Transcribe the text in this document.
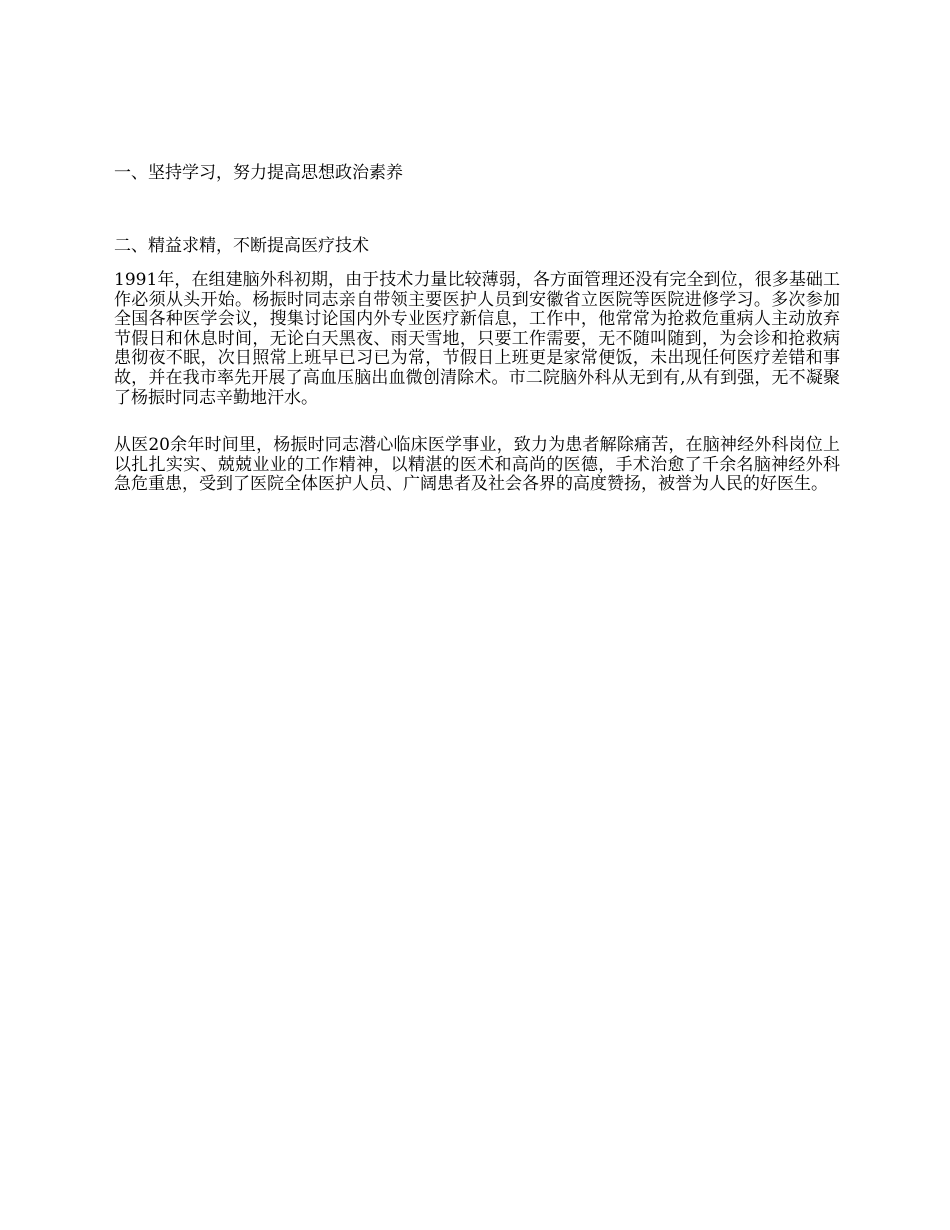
一、坚持学习，努力提高思想政治素养

二、精益求精，不断提高医疗技术

1991年，在组建脑外科初期，由于技术力量比较薄弱，各方面管理还没有完全到位，很多基础工作必须从头开始。杨振时同志亲自带领主要医护人员到安徽省立医院等医院进修学习。多次参加全国各种医学会议，搜集讨论国内外专业医疗新信息，工作中，他常常为抢救危重病人主动放弃节假日和休息时间，无论白天黑夜、雨天雪地，只要工作需要，无不随叫随到，为会诊和抢救病患彻夜不眠，次日照常上班早已习已为常，节假日上班更是家常便饭，未出现任何医疗差错和事故，并在我市率先开展了高血压脑出血微创清除术。市二院脑外科从无到有,从有到强，无不凝聚了杨振时同志辛勤地汗水。

从医20余年时间里，杨振时同志潜心临床医学事业，致力为患者解除痛苦，在脑神经外科岗位上以扎扎实实、兢兢业业的工作精神，以精湛的医术和高尚的医德，手术治愈了千余名脑神经外科急危重患，受到了医院全体医护人员、广阔患者及社会各界的高度赞扬，被誉为人民的好医生。
